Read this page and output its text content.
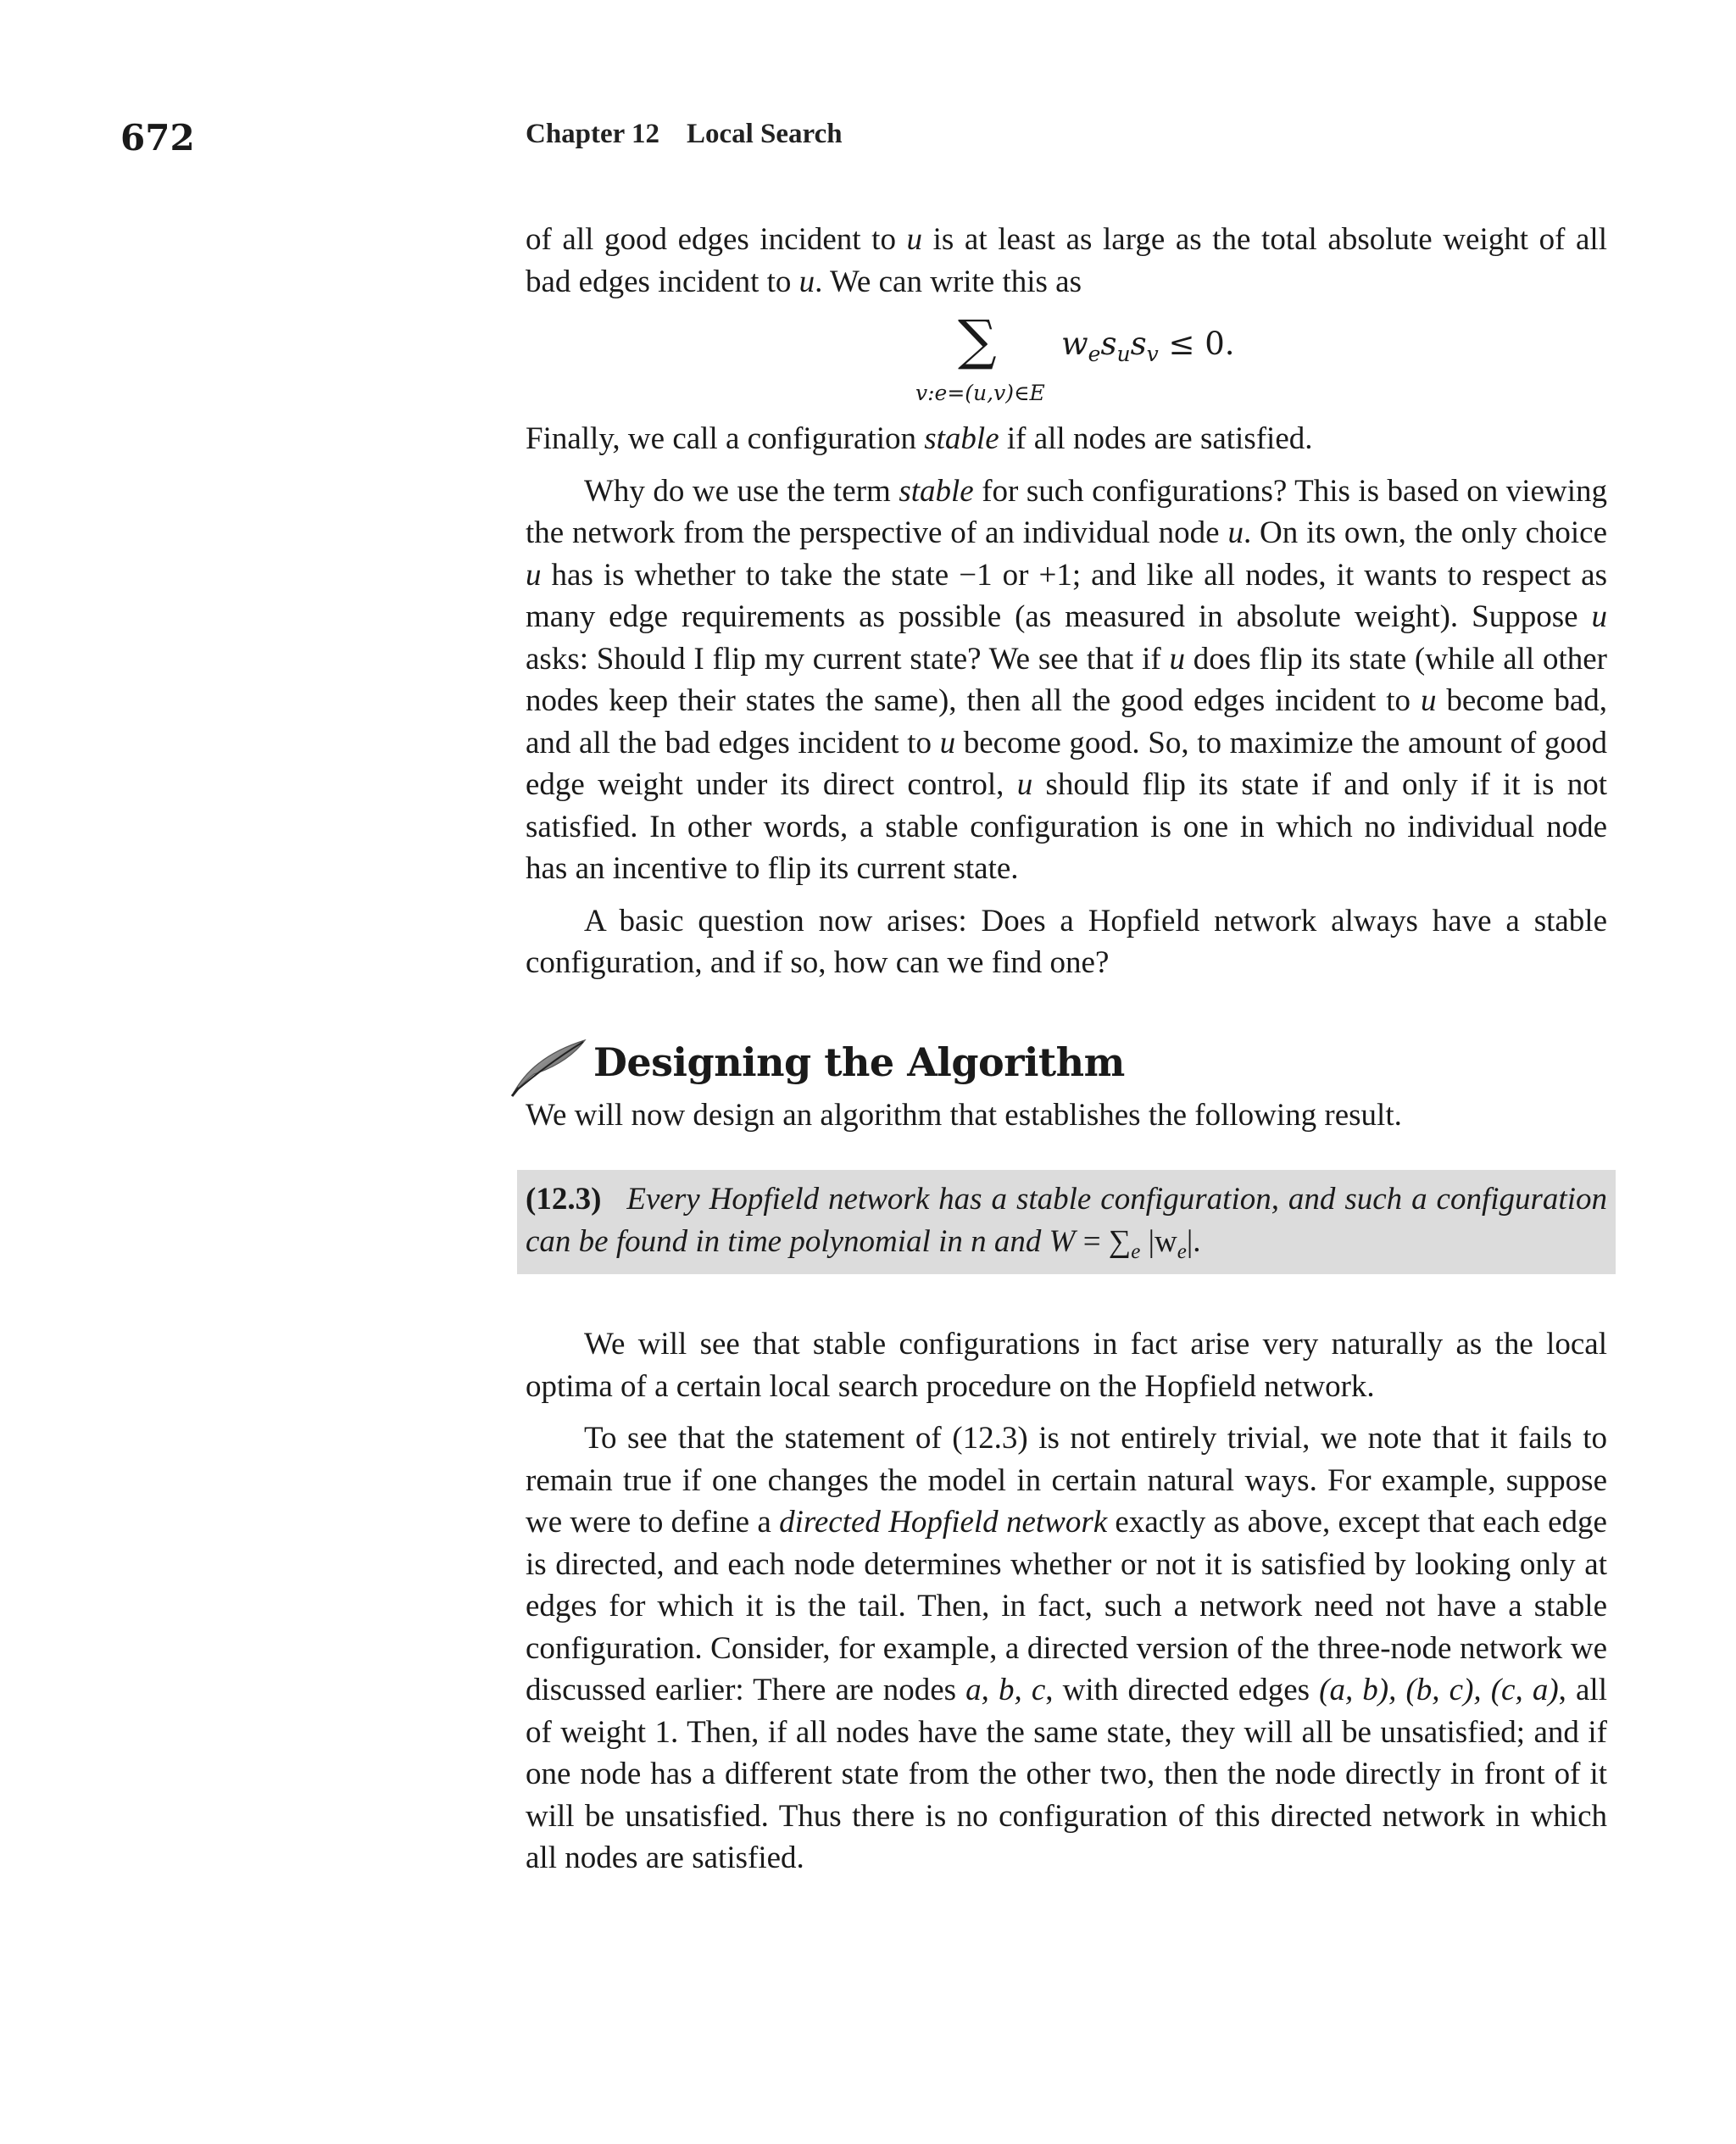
672	Chapter 12 Local Search

of all good edges incident to u is at least as large as the total absolute weight of all bad edges incident to u. We can write this as

∑
v:e=(u,v)∈E
$w_es_us_v \le 0$.

Finally, we call a configuration stable if all nodes are satisfied.

Why do we use the term stable for such configurations? This is based on viewing the network from the perspective of an individual node u. On its own, the only choice u has is whether to take the state −1 or +1; and like all nodes, it wants to respect as many edge requirements as possible (as measured in absolute weight). Suppose u asks: Should I flip my current state? We see that if u does flip its state (while all other nodes keep their states the same), then all the good edges incident to u become bad, and all the bad edges incident to u become good. So, to maximize the amount of good edge weight under its direct control, u should flip its state if and only if it is not satisfied. In other words, a stable configuration is one in which no individual node has an incentive to flip its current state.

A basic question now arises: Does a Hopfield network always have a stable configuration, and if so, how can we find one?

Designing the Algorithm

We will now design an algorithm that establishes the following result.

(12.3) Every Hopfield network has a stable configuration, and such a configuration can be found in time polynomial in n and $W = \sum_e$ $|w_e|$.

We will see that stable configurations in fact arise very naturally as the local optima of a certain local search procedure on the Hopfield network.

To see that the statement of (12.3) is not entirely trivial, we note that it fails to remain true if one changes the model in certain natural ways. For example, suppose we were to define a directed Hopfield network exactly as above, except that each edge is directed, and each node determines whether or not it is satisfied by looking only at edges for which it is the tail. Then, in fact, such a network need not have a stable configuration. Consider, for example, a directed version of the three-node network we discussed earlier: There are nodes a, b, c, with directed edges (a, b), (b, c), (c, a), all of weight 1. Then, if all nodes have the same state, they will all be unsatisfied; and if one node has a different state from the other two, then the node directly in front of it will be unsatisfied. Thus there is no configuration of this directed network in which all nodes are satisfied.
